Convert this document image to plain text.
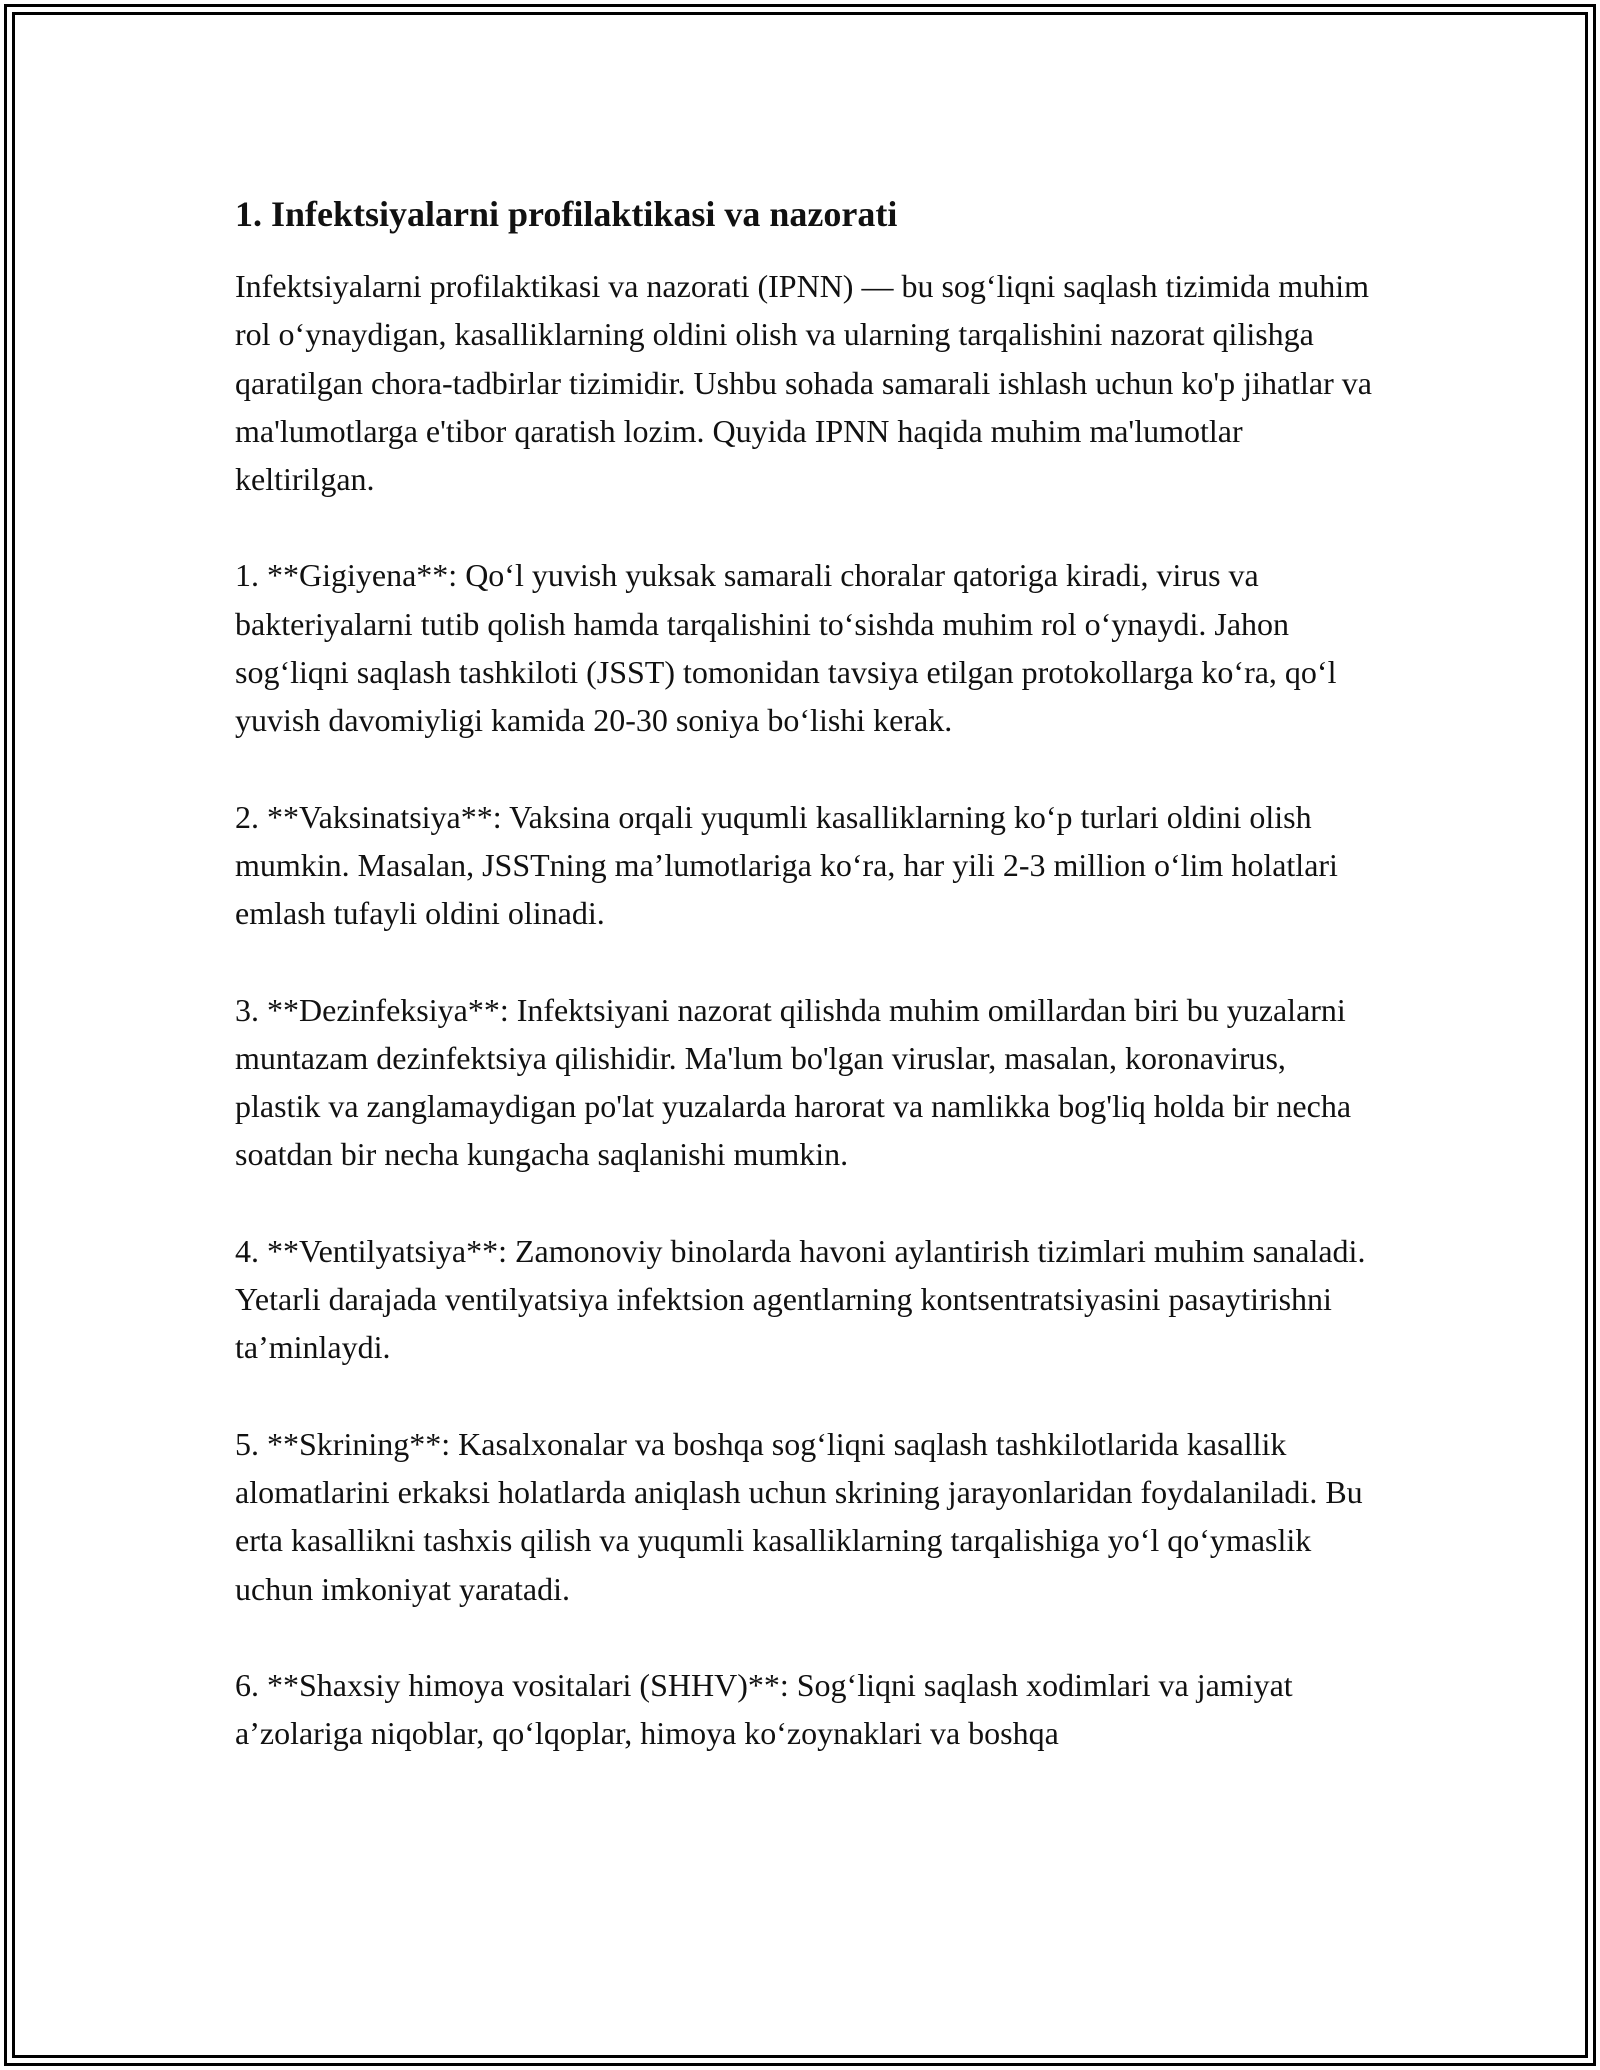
1. Infektsiyalarni profilaktikasi va nazorati

Infektsiyalarni profilaktikasi va nazorati (IPNN) — bu sog‘liqni saqlash tizimida muhim rol o‘ynaydigan, kasalliklarning oldini olish va ularning tarqalishini nazorat qilishga qaratilgan chora-tadbirlar tizimidir. Ushbu sohada samarali ishlash uchun ko'p jihatlar va ma'lumotlarga e'tibor qaratish lozim. Quyida IPNN haqida muhim ma'lumotlar keltirilgan.

1. **Gigiyena**: Qo‘l yuvish yuksak samarali choralar qatoriga kiradi, virus va bakteriyalarni tutib qolish hamda tarqalishini to‘sishda muhim rol o‘ynaydi. Jahon sog‘liqni saqlash tashkiloti (JSST) tomonidan tavsiya etilgan protokollarga ko‘ra, qo‘l yuvish davomiyligi kamida 20-30 soniya bo‘lishi kerak.

2. **Vaksinatsiya**: Vaksina orqali yuqumli kasalliklarning ko‘p turlari oldini olish mumkin. Masalan, JSSTning ma’lumotlariga ko‘ra, har yili 2-3 million o‘lim holatlari emlash tufayli oldini olinadi.

3. **Dezinfeksiya**: Infektsiyani nazorat qilishda muhim omillardan biri bu yuzalarni muntazam dezinfektsiya qilishidir. Ma'lum bo'lgan viruslar, masalan, koronavirus, plastik va zanglamaydigan po'lat yuzalarda harorat va namlikka bog'liq holda bir necha soatdan bir necha kungacha saqlanishi mumkin.

4. **Ventilyatsiya**: Zamonoviy binolarda havoni aylantirish tizimlari muhim sanaladi. Yetarli darajada ventilyatsiya infektsion agentlarning kontsentratsiyasini pasaytirishni ta’minlaydi.

5. **Skrining**: Kasalxonalar va boshqa sog‘liqni saqlash tashkilotlarida kasallik alomatlarini erkaksi holatlarda aniqlash uchun skrining jarayonlaridan foydalaniladi. Bu erta kasallikni tashxis qilish va yuqumli kasalliklarning tarqalishiga yo‘l qo‘ymaslik uchun imkoniyat yaratadi.

6. **Shaxsiy himoya vositalari (SHHV)**: Sog‘liqni saqlash xodimlari va jamiyat a’zolariga niqoblar, qo‘lqoplar, himoya ko‘zoynaklari va boshqa
